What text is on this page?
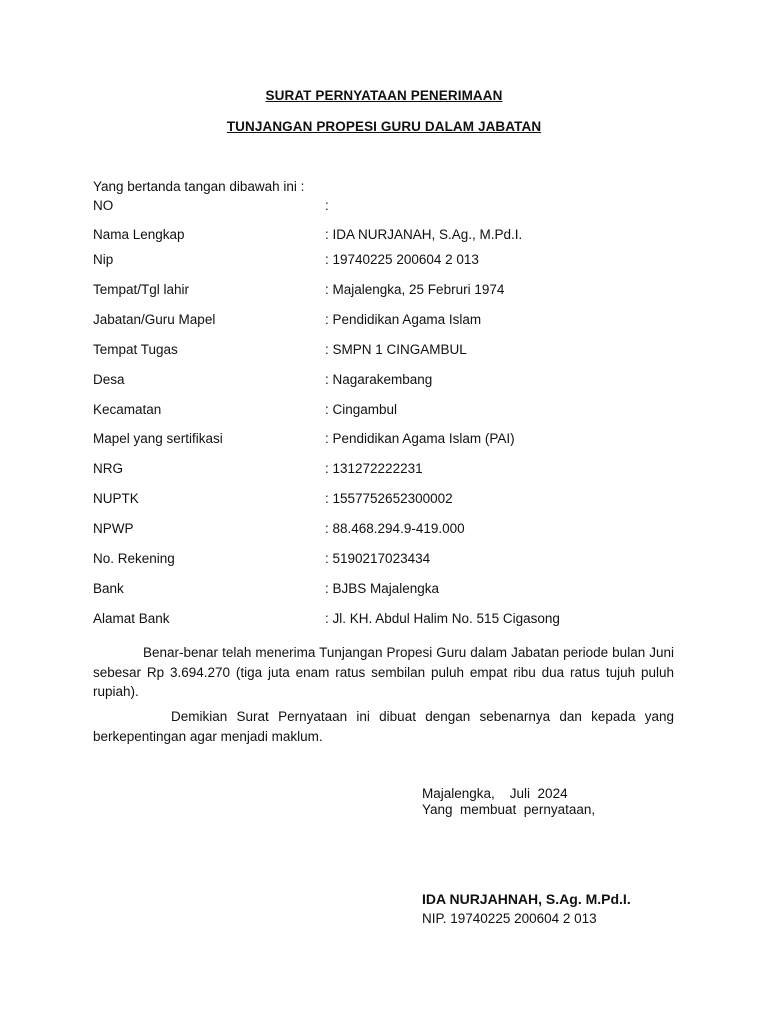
SURAT PERNYATAAN PENERIMAAN
TUNJANGAN PROPESI GURU DALAM JABATAN
Yang bertanda tangan dibawah ini :
NO	:
Nama Lengkap	: IDA NURJANAH, S.Ag., M.Pd.I.
Nip	: 19740225 200604 2 013
Tempat/Tgl lahir	: Majalengka, 25 Februri 1974
Jabatan/Guru Mapel	: Pendidikan Agama Islam
Tempat Tugas	: SMPN 1 CINGAMBUL
Desa	: Nagarakembang
Kecamatan	: Cingambul
Mapel yang sertifikasi	: Pendidikan Agama Islam (PAI)
NRG	: 131272222231
NUPTK	: 1557752652300002
NPWP	: 88.468.294.9-419.000
No. Rekening	: 5190217023434
Bank	: BJBS Majalengka
Alamat Bank	: Jl. KH. Abdul Halim No. 515 Cigasong
Benar-benar telah menerima Tunjangan Propesi Guru dalam Jabatan periode bulan Juni sebesar Rp 3.694.270 (tiga juta enam ratus sembilan puluh empat ribu dua ratus tujuh puluh rupiah).
Demikian Surat Pernyataan ini dibuat dengan sebenarnya dan kepada yang berkepentingan agar menjadi maklum.
Majalengka,    Juli  2024
Yang  membuat  pernyataan,
IDA NURJAHNAH, S.Ag. M.Pd.I.
NIP. 19740225 200604 2 013
